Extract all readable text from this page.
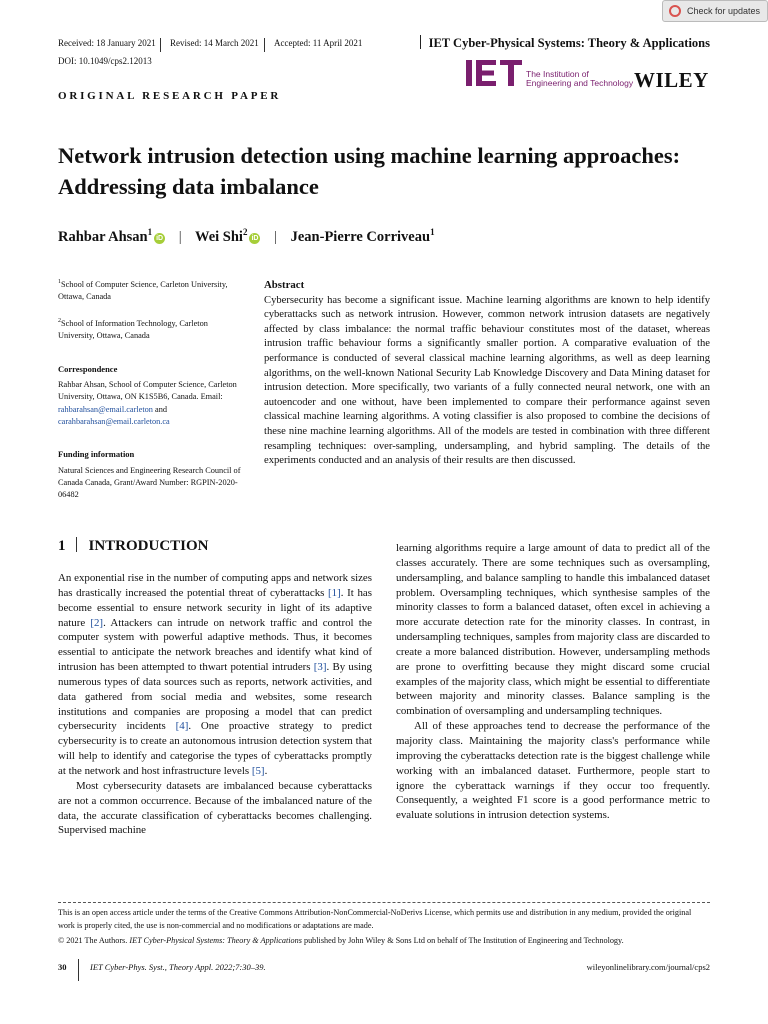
Check for updates
Received: 18 January 2021 Revised: 14 March 2021 Accepted: 11 April 2021	IET Cyber-Physical Systems: Theory & Applications
DOI: 10.1049/cps2.12013	IET
The Institution of
Engineering and Technology WILEY
ORIGINAL RESEARCH PAPER
Network intrusion detection using machine learning approaches: Addressing data imbalance
Rahbar Ahsan$^1$iD | Wei Shi$^2$iD | Jean-Pierre Corriveau$^1$
$^1$School of Computer Science, Carleton University, Ottawa, Canada
$^2$School of Information Technology, Carleton University, Ottawa, Canada
Correspondence
Rahbar Ahsan, School of Computer Science, Carleton University, Ottawa, ON K1S5B6, Canada. Email: rahbarahsan@email.carleton and carahbarahsan@email.carleton.ca
Funding information
Natural Sciences and Engineering Research Council of Canada Canada, Grant/Award Number: RGPIN-2020-06482
Abstract
Cybersecurity has become a significant issue. Machine learning algorithms are known to help identify cyberattacks such as network intrusion. However, common network intrusion datasets are negatively affected by class imbalance: the normal traffic behaviour constitutes most of the dataset, whereas intrusion traffic behaviour forms a significantly smaller portion. A comparative evaluation of the performance is conducted of several classical machine learning algorithms, as well as deep learning algorithms, on the well-known National Security Lab Knowledge Discovery and Data Mining dataset for intrusion detection. More specifically, two variants of a fully connected neural network, one with an autoencoder and one without, have been implemented to compare their performance against seven classical machine learning algorithms. A voting classifier is also proposed to combine the decisions of these nine machine learning algorithms. All of the models are tested in combination with three different resampling techniques: over-sampling, undersampling, and hybrid sampling. The details of the experiments conducted and an analysis of their results are then discussed.
1 INTRODUCTION
An exponential rise in the number of computing apps and network sizes has drastically increased the potential threat of cyberattacks [1]. It has become essential to ensure network security in light of its adaptive nature [2]. Attackers can intrude on network traffic and control the computer system with powerful adaptive methods. Thus, it becomes essential to anticipate the network breaches and identify what kind of intrusion has been attempted to thwart potential intruders [3]. By using numerous types of data sources such as reports, network activities, and data gathered from social media and websites, some research institutions and companies are proposing a model that can predict cybersecurity incidents [4]. One proactive strategy to predict cybersecurity is to create an autonomous intrusion detection system that will help to identify and categorise the types of cyberattacks promptly at the network and host infrastructure levels [5].
Most cybersecurity datasets are imbalanced because cyberattacks are not a common occurrence. Because of the imbalanced nature of the data, the accurate classification of cyberattacks becomes challenging. Supervised machine
learning algorithms require a large amount of data to predict all of the classes accurately. There are some techniques such as oversampling, undersampling, and balance sampling to handle this imbalanced dataset problem. Oversampling techniques, which synthesise samples of the minority classes to form a balanced dataset, often excel in achieving a more accurate detection rate for the minority classes. In contrast, in undersampling techniques, samples from majority class are discarded to create a more balanced distribution. However, undersampling methods are prone to overfitting because they might discard some crucial examples of the majority class, which might be essential to differentiate between majority and minority classes. Balance sampling is the combination of oversampling and undersampling techniques.
All of these approaches tend to decrease the performance of the majority class. Maintaining the majority class's performance while improving the cyberattacks detection rate is the biggest challenge while working with an imbalanced dataset. Furthermore, people start to ignore the cyberattack warnings if they occur too frequently. Consequently, a weighted F1 score is a good performance metric to evaluate solutions in intrusion detection systems.
This is an open access article under the terms of the Creative Commons Attribution-NonCommercial-NoDerivs License, which permits use and distribution in any medium, provided the original work is properly cited, the use is non-commercial and no modifications or adaptations are made.
© 2021 The Authors. IET Cyber-Physical Systems: Theory & Applications published by John Wiley & Sons Ltd on behalf of The Institution of Engineering and Technology.
30	IET Cyber-Phys. Syst., Theory Appl. 2022;7:30–39.	wileyonlinelibrary.com/journal/cps2
